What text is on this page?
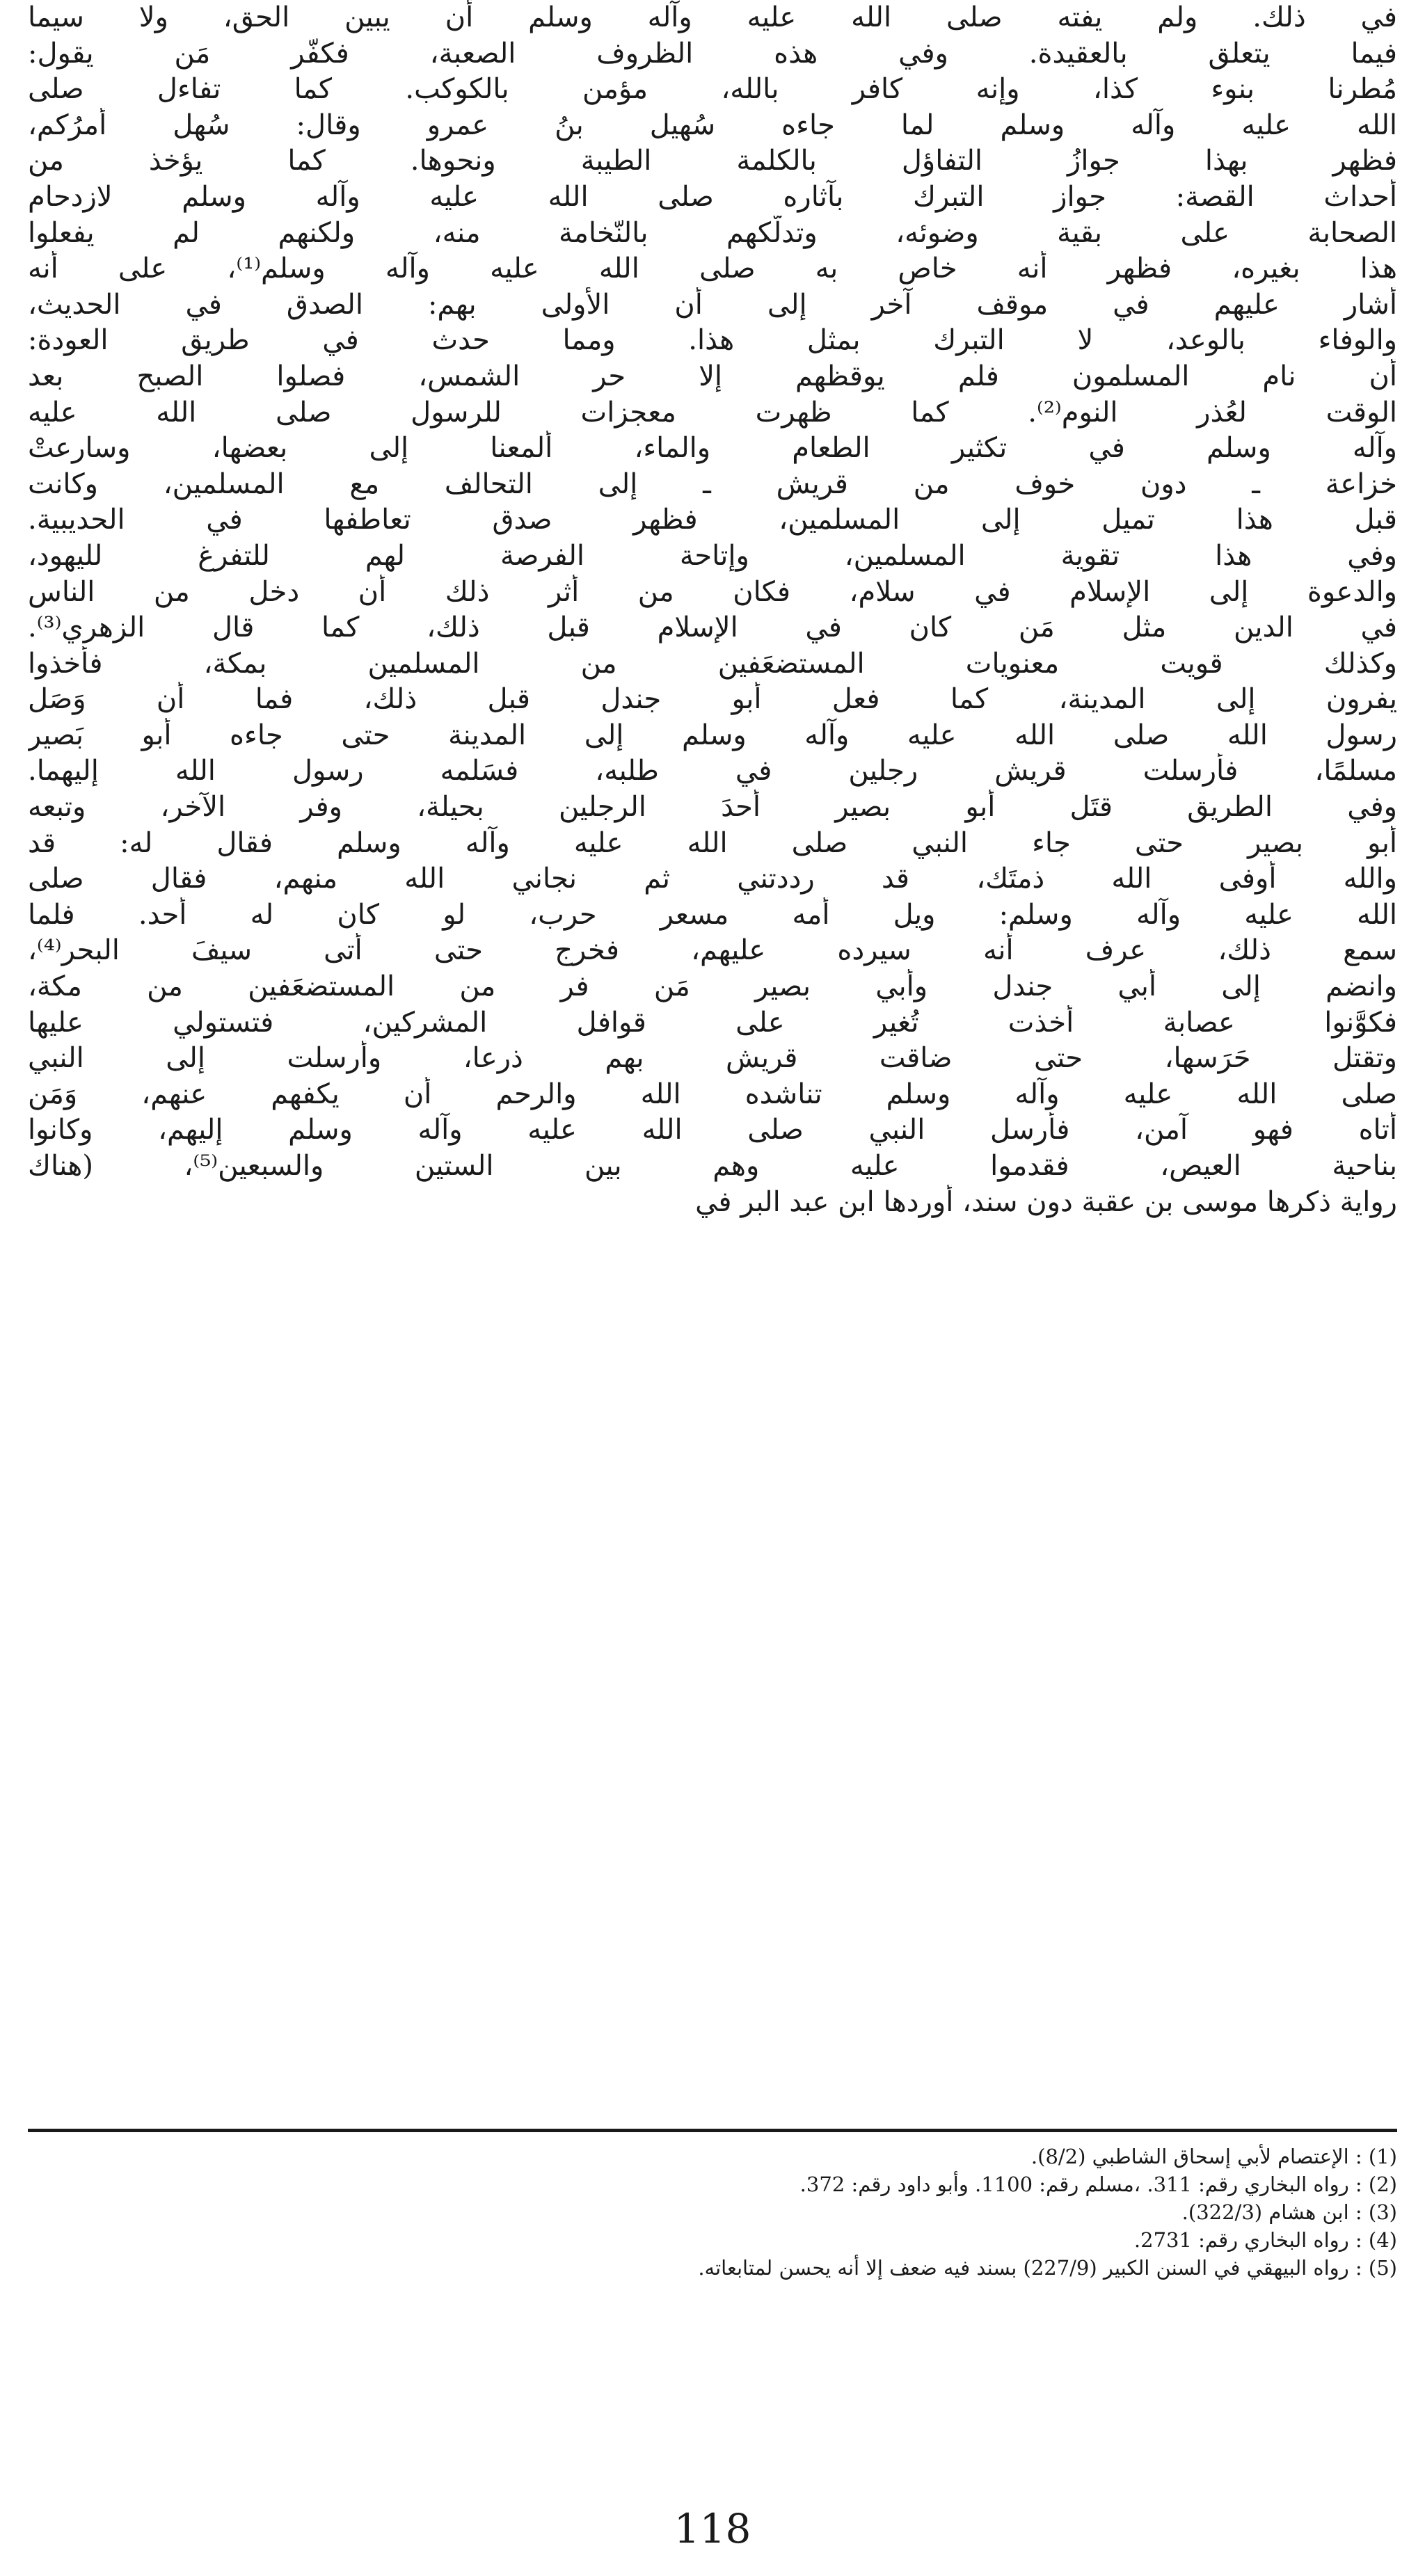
في ذلك. ولم يفته صلى الله عليه وآله وسلم أن يبين الحق، ولا سيما
فيما يتعلق بالعقيدة. وفي هذه الظروف الصعبة، فكفّر مَن يقول:
مُطرنا بنوء كذا، وإنه كافر بالله، مؤمن بالكوكب. كما تفاءل صلى
الله عليه وآله وسلم لما جاءه سُهيل بنُ عمرو وقال: سُهل أمرُكم،
فظهر بهذا جوازُ التفاؤل بالكلمة الطيبة ونحوها. كما يؤخذ من
أحداث القصة: جواز التبرك بآثاره صلى الله عليه وآله وسلم لازدحام
الصحابة على بقية وضوئه، وتدلّكهم بالنّخامة منه، ولكنهم لم يفعلوا
هذا بغيره، فظهر أنه خاص به صلى الله عليه وآله وسلم⁽¹⁾، على أنه
أشار عليهم في موقف آخر إلى أن الأولى بهم: الصدق في الحديث،
والوفاء بالوعد، لا التبرك بمثل هذا. ومما حدث في طريق العودة:
أن نام المسلمون فلم يوقظهم إلا حر الشمس، فصلوا الصبح بعد
الوقت لعُذر النوم⁽²⁾. كما ظهرت معجزات للرسول صلى الله عليه
وآله وسلم في تكثير الطعام والماء، ألمعنا إلى بعضها، وسارعتْ
خزاعة ـ دون خوف من قريش ـ إلى التحالف مع المسلمين، وكانت
قبل هذا تميل إلى المسلمين، فظهر صدق تعاطفها في الحديبية.
وفي هذا تقوية المسلمين، وإتاحة الفرصة لهم للتفرغ لليهود،
والدعوة إلى الإسلام في سلام، فكان من أثر ذلك أن دخل من الناس
في الدين مثل مَن كان في الإسلام قبل ذلك، كما قال الزهري⁽³⁾.
وكذلك قويت معنويات المستضعَفين من المسلمين بمكة، فأخذوا
يفرون إلى المدينة، كما فعل أبو جندل قبل ذلك، فما أن وَصَل
رسول الله صلى الله عليه وآله وسلم إلى المدينة حتى جاءه أبو بَصير
مسلمًا، فأرسلت قريش رجلين في طلبه، فسَلمه رسول الله إليهما.
وفي الطريق قتَل أبو بصير أحدَ الرجلين بحيلة، وفر الآخر، وتبعه
أبو بصير حتى جاء النبي صلى الله عليه وآله وسلم فقال له: قد
والله أوفى الله ذمتَك، قد رددتني ثم نجاني الله منهم، فقال صلى
الله عليه وآله وسلم: ويل أمه مسعر حرب، لو كان له أحد. فلما
سمع ذلك، عرف أنه سيرده عليهم، فخرج حتى أتى سيفَ البحر⁽⁴⁾،
وانضم إلى أبي جندل وأبي بصير مَن فر من المستضعَفين من مكة،
فكوَّنوا عصابة أخذت تُغير على قوافل المشركين، فتستولي عليها
وتقتل حَرَسها، حتى ضاقت قريش بهم ذرعا، وأرسلت إلى النبي
صلى الله عليه وآله وسلم تناشده الله والرحم أن يكفهم عنهم، وَمَن
أتاه فهو آمن، فأرسل النبي صلى الله عليه وآله وسلم إليهم، وكانوا
بناحية العيص، فقدموا عليه وهم بين الستين والسبعين⁽⁵⁾، (هناك
رواية ذكرها موسى بن عقبة دون سند، أوردها ابن عبد البر في
(1) : الإعتصام لأبي إسحاق الشاطبي (8/2).
(2) : رواه البخاري رقم: 311. ،مسلم رقم: 1100. وأبو داود رقم: 372.
(3) : ابن هشام (322/3).
(4) : رواه البخاري رقم: 2731.
(5) : رواه البيهقي في السنن الكبير (227/9) بسند فيه ضعف إلا أنه يحسن لمتابعاته.
118
